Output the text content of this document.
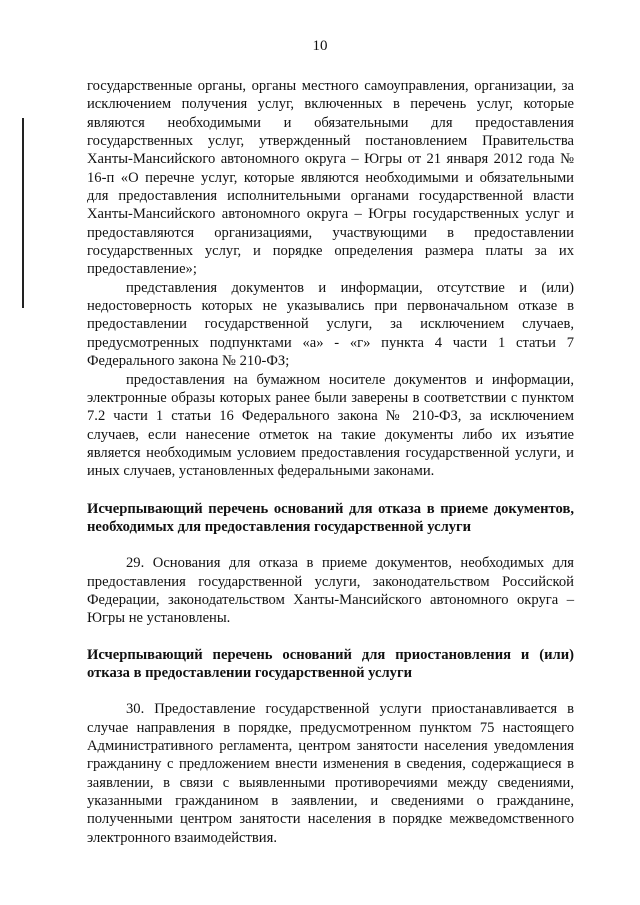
10

государственные органы, органы местного самоуправления, организации, за исключением получения услуг, включенных в перечень услуг, которые являются необходимыми и обязательными для предоставления государственных услуг, утвержденный постановлением Правительства Ханты-Мансийского автономного округа – Югры от 21 января 2012 года № 16-п «О перечне услуг, которые являются необходимыми и обязательными для предоставления исполнительными органами государственной власти Ханты-Мансийского автономного округа – Югры государственных услуг и предоставляются организациями, участвующими в предоставлении государственных услуг, и порядке определения размера платы за их предоставление»;

представления документов и информации, отсутствие и (или) недостоверность которых не указывались при первоначальном отказе в предоставлении государственной услуги, за исключением случаев, предусмотренных подпунктами «а» - «г» пункта 4 части 1 статьи 7 Федерального закона № 210-ФЗ;

предоставления на бумажном носителе документов и информации, электронные образы которых ранее были заверены в соответствии с пунктом 7.2 части 1 статьи 16 Федерального закона № 210-ФЗ, за исключением случаев, если нанесение отметок на такие документы либо их изъятие является необходимым условием предоставления государственной услуги, и иных случаев, установленных федеральными законами.

Исчерпывающий перечень оснований для отказа в приеме документов, необходимых для предоставления государственной услуги

29. Основания для отказа в приеме документов, необходимых для предоставления государственной услуги, законодательством Российской Федерации, законодательством Ханты-Мансийского автономного округа – Югры не установлены.

Исчерпывающий перечень оснований для приостановления и (или) отказа в предоставлении государственной услуги

30. Предоставление государственной услуги приостанавливается в случае направления в порядке, предусмотренном пунктом 75 настоящего Административного регламента, центром занятости населения уведомления гражданину с предложением внести изменения в сведения, содержащиеся в заявлении, в связи с выявленными противоречиями между сведениями, указанными гражданином в заявлении, и сведениями о гражданине, полученными центром занятости населения в порядке межведомственного электронного взаимодействия.
